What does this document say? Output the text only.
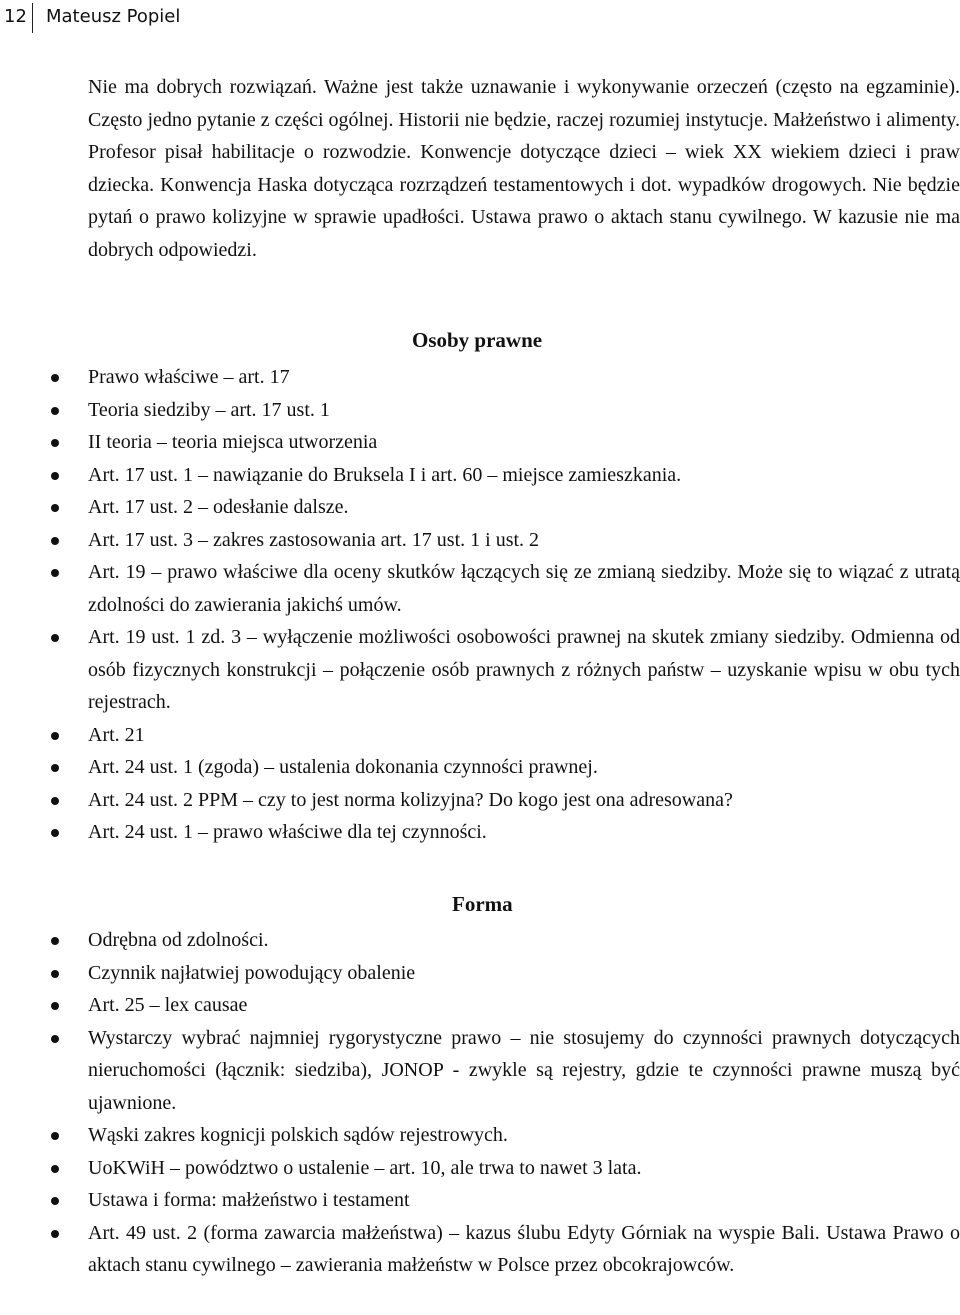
12 Mateusz Popiel

Nie ma dobrych rozwiązań. Ważne jest także uznawanie i wykonywanie orzeczeń (często na egzaminie). Często jedno pytanie z części ogólnej. Historii nie będzie, raczej rozumiej instytucje. Małżeństwo i alimenty. Profesor pisał habilitacje o rozwodzie. Konwencje dotyczące dzieci – wiek XX wiekiem dzieci i praw dziecka. Konwencja Haska dotycząca rozrządzeń testamentowych i dot. wypadków drogowych. Nie będzie pytań o prawo kolizyjne w sprawie upadłości. Ustawa prawo o aktach stanu cywilnego. W kazusie nie ma dobrych odpowiedzi.

Osoby prawne
Prawo właściwe – art. 17
Teoria siedziby – art. 17 ust. 1
II teoria – teoria miejsca utworzenia
Art. 17 ust. 1 – nawiązanie do Bruksela I i art. 60 – miejsce zamieszkania.
Art. 17 ust. 2 – odesłanie dalsze.
Art. 17 ust. 3 – zakres zastosowania art. 17 ust. 1 i ust. 2
Art. 19 – prawo właściwe dla oceny skutków łączących się ze zmianą siedziby. Może się to wiązać z utratą zdolności do zawierania jakichś umów.
Art. 19 ust. 1 zd. 3 – wyłączenie możliwości osobowości prawnej na skutek zmiany siedziby. Odmienna od osób fizycznych konstrukcji – połączenie osób prawnych z różnych państw – uzyskanie wpisu w obu tych rejestrach.
Art. 21
Art. 24 ust. 1 (zgoda) – ustalenia dokonania czynności prawnej.
Art. 24 ust. 2 PPM – czy to jest norma kolizyjna? Do kogo jest ona adresowana?
Art. 24 ust. 1 – prawo właściwe dla tej czynności.
Forma
Odrębna od zdolności.
Czynnik najłatwiej powodujący obalenie
Art. 25 – lex causae
Wystarczy wybrać najmniej rygorystyczne prawo – nie stosujemy do czynności prawnych dotyczących nieruchomości (łącznik: siedziba), JONOP - zwykle są rejestry, gdzie te czynności prawne muszą być ujawnione.
Wąski zakres kognicji polskich sądów rejestrowych.
UoKWiH – powództwo o ustalenie – art. 10, ale trwa to nawet 3 lata.
Ustawa i forma: małżeństwo i testament
Art. 49 ust. 2 (forma zawarcia małżeństwa) – kazus ślubu Edyty Górniak na wyspie Bali. Ustawa Prawo o aktach stanu cywilnego – zawierania małżeństw w Polsce przez obcokrajowców.
